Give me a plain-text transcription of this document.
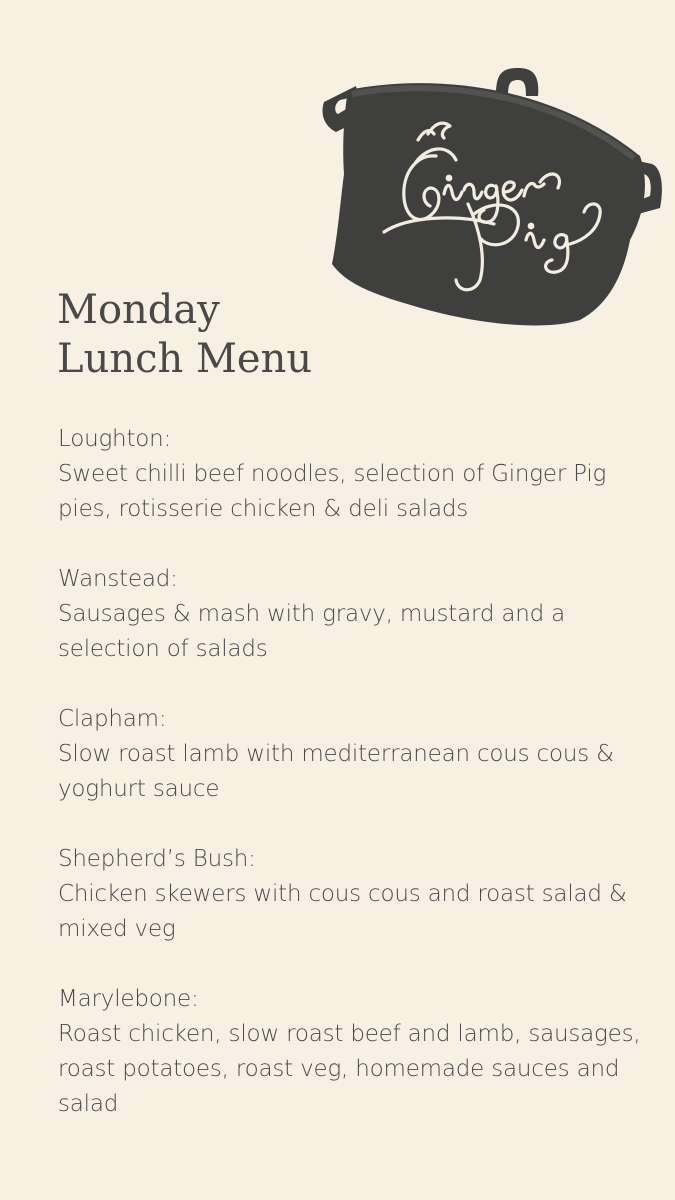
Monday
Lunch Menu

Loughton:
Sweet chilli beef noodles, selection of Ginger Pig pies, rotisserie chicken & deli salads

Wanstead:
Sausages & mash with gravy, mustard and a selection of salads

Clapham:
Slow roast lamb with mediterranean cous cous & yoghurt sauce

Shepherd’s Bush:
Chicken skewers with cous cous and roast salad & mixed veg

Marylebone:
Roast chicken, slow roast beef and lamb, sausages, roast potatoes, roast veg, homemade sauces and salad
